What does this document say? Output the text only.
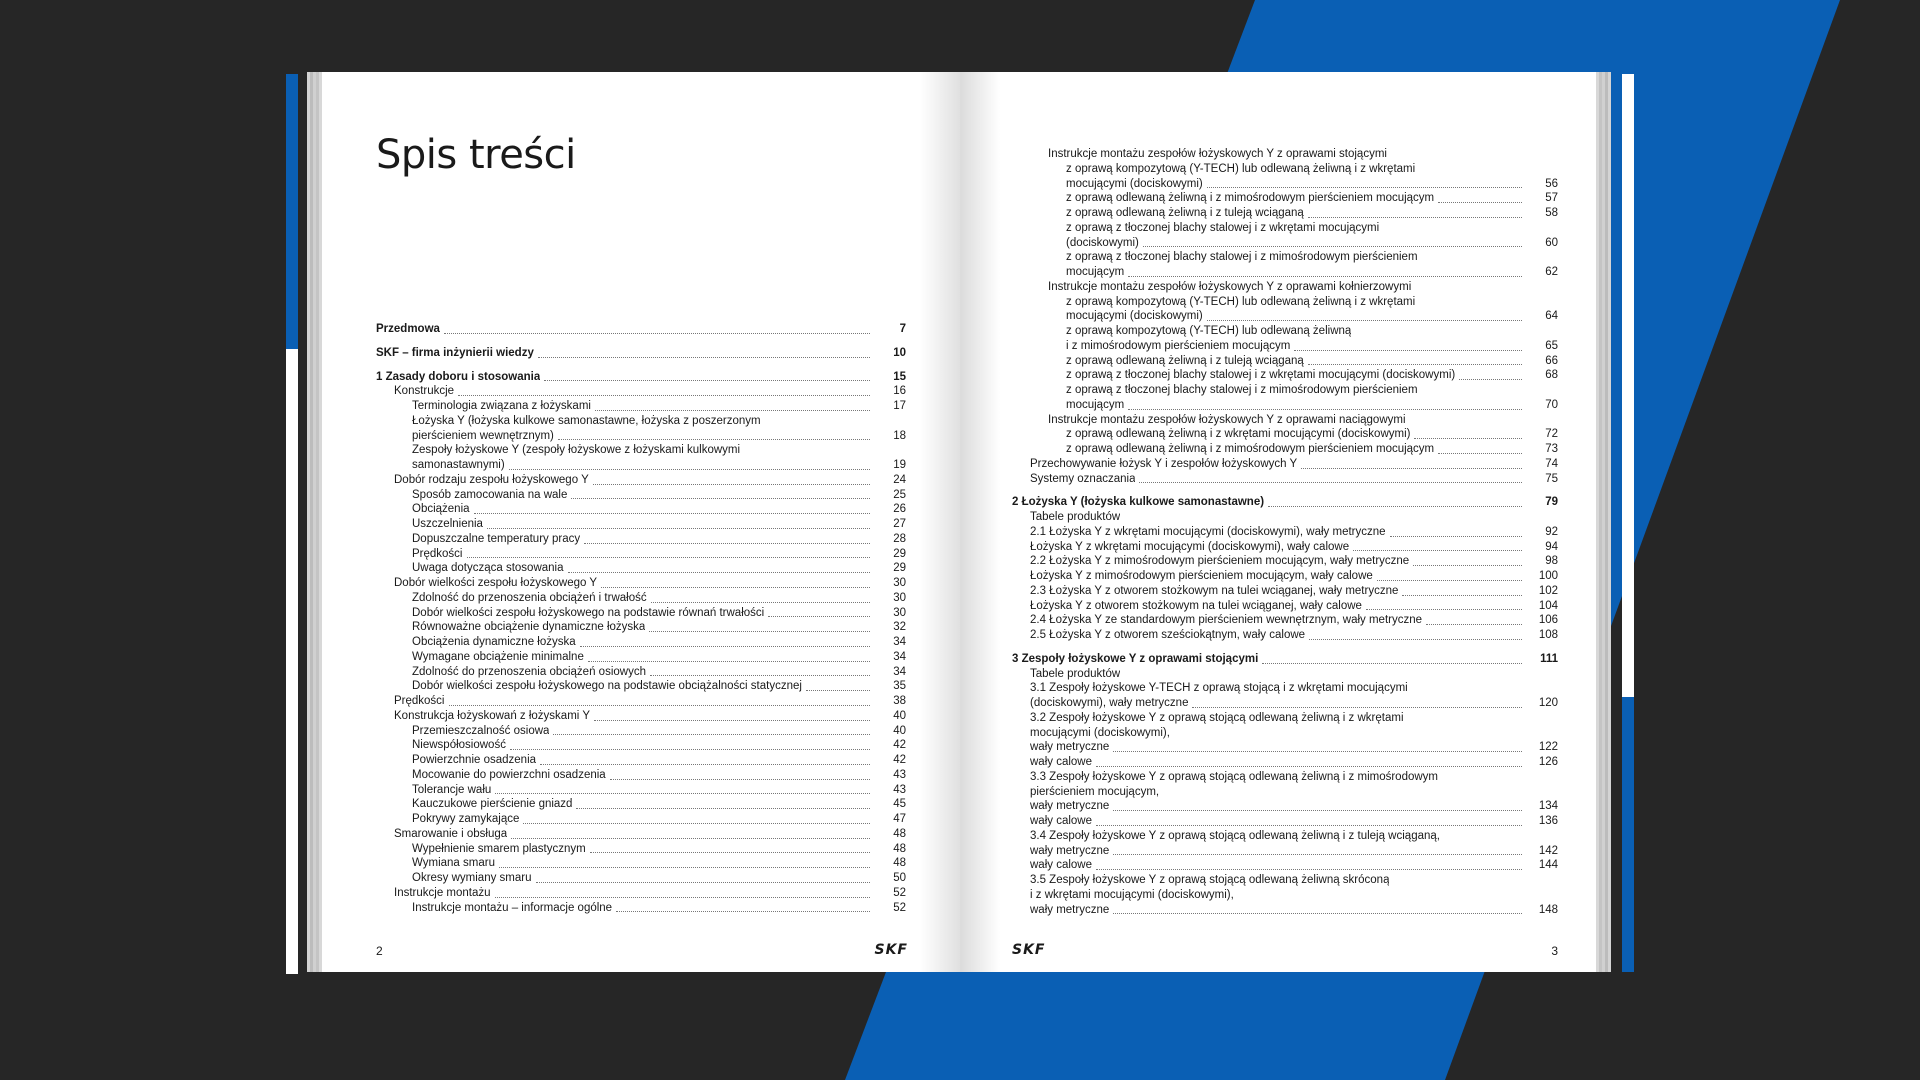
Spis treści
Przedmowa	7
SKF – firma inżynierii wiedzy	10
1 Zasady doboru i stosowania	15
Konstrukcje	16
Terminologia związana z łożyskami	17
Łożyska Y (łożyska kulkowe samonastawne, łożyska z poszerzonym
pierścieniem wewnętrznym)	18
Zespoły łożyskowe Y (zespoły łożyskowe z łożyskami kulkowymi
samonastawnymi)	19
Dobór rodzaju zespołu łożyskowego Y	24
Sposób zamocowania na wale	25
Obciążenia	26
Uszczelnienia	27
Dopuszczalne temperatury pracy	28
Prędkości	29
Uwaga dotycząca stosowania	29
Dobór wielkości zespołu łożyskowego Y	30
Zdolność do przenoszenia obciążeń i trwałość	30
Dobór wielkości zespołu łożyskowego na podstawie równań trwałości	30
Równoważne obciążenie dynamiczne łożyska	32
Obciążenia dynamiczne łożyska	34
Wymagane obciążenie minimalne	34
Zdolność do przenoszenia obciążeń osiowych	34
Dobór wielkości zespołu łożyskowego na podstawie obciążalności statycznej	35
Prędkości	38
Konstrukcja łożyskowań z łożyskami Y	40
Przemieszczalność osiowa	40
Niewspółosiowość	42
Powierzchnie osadzenia	42
Mocowanie do powierzchni osadzenia	43
Tolerancje wału	43
Kauczukowe pierścienie gniazd	45
Pokrywy zamykające	47
Smarowanie i obsługa	48
Wypełnienie smarem plastycznym	48
Wymiana smaru	48
Okresy wymiany smaru	50
Instrukcje montażu	52
Instrukcje montażu – informacje ogólne	52
2	SKF
Instrukcje montażu zespołów łożyskowych Y z oprawami stojącymi
z oprawą kompozytową (Y-TECH) lub odlewaną żeliwną i z wkrętami
mocującymi (dociskowymi)	56
z oprawą odlewaną żeliwną i z mimośrodowym pierścieniem mocującym	57
z oprawą odlewaną żeliwną i z tuleją wciąganą	58
z oprawą z tłoczonej blachy stalowej i z wkrętami mocującymi
(dociskowymi)	60
z oprawą z tłoczonej blachy stalowej i z mimośrodowym pierścieniem
mocującym	62
Instrukcje montażu zespołów łożyskowych Y z oprawami kołnierzowymi
z oprawą kompozytową (Y-TECH) lub odlewaną żeliwną i z wkrętami
mocującymi (dociskowymi)	64
z oprawą kompozytową (Y-TECH) lub odlewaną żeliwną
i z mimośrodowym pierścieniem mocującym	65
z oprawą odlewaną żeliwną i z tuleją wciąganą	66
z oprawą z tłoczonej blachy stalowej i z wkrętami mocującymi (dociskowymi)	68
z oprawą z tłoczonej blachy stalowej i z mimośrodowym pierścieniem
mocującym	70
Instrukcje montażu zespołów łożyskowych Y z oprawami naciągowymi
z oprawą odlewaną żeliwną i z wkrętami mocującymi (dociskowymi)	72
z oprawą odlewaną żeliwną i z mimośrodowym pierścieniem mocującym	73
Przechowywanie łożysk Y i zespołów łożyskowych Y	74
Systemy oznaczania	75
2 Łożyska Y (łożyska kulkowe samonastawne)	79
Tabele produktów
2.1 Łożyska Y z wkrętami mocującymi (dociskowymi), wały metryczne	92
Łożyska Y z wkrętami mocującymi (dociskowymi), wały calowe	94
2.2 Łożyska Y z mimośrodowym pierścieniem mocującym, wały metryczne	98
Łożyska Y z mimośrodowym pierścieniem mocującym, wały calowe	100
2.3 Łożyska Y z otworem stożkowym na tulei wciąganej, wały metryczne	102
Łożyska Y z otworem stożkowym na tulei wciąganej, wały calowe	104
2.4 Łożyska Y ze standardowym pierścieniem wewnętrznym, wały metryczne	106
2.5 Łożyska Y z otworem sześciokątnym, wały calowe	108
3 Zespoły łożyskowe Y z oprawami stojącymi	111
Tabele produktów
3.1 Zespoły łożyskowe Y-TECH z oprawą stojącą i z wkrętami mocującymi
(dociskowymi), wały metryczne	120
3.2 Zespoły łożyskowe Y z oprawą stojącą odlewaną żeliwną i z wkrętami
mocującymi (dociskowymi),
wały metryczne	122
wały calowe	126
3.3 Zespoły łożyskowe Y z oprawą stojącą odlewaną żeliwną i z mimośrodowym
pierścieniem mocującym,
wały metryczne	134
wały calowe	136
3.4 Zespoły łożyskowe Y z oprawą stojącą odlewaną żeliwną i z tuleją wciąganą,
wały metryczne	142
wały calowe	144
3.5 Zespoły łożyskowe Y z oprawą stojącą odlewaną żeliwną skróconą
i z wkrętami mocującymi (dociskowymi),
wały metryczne	148
SKF	3
